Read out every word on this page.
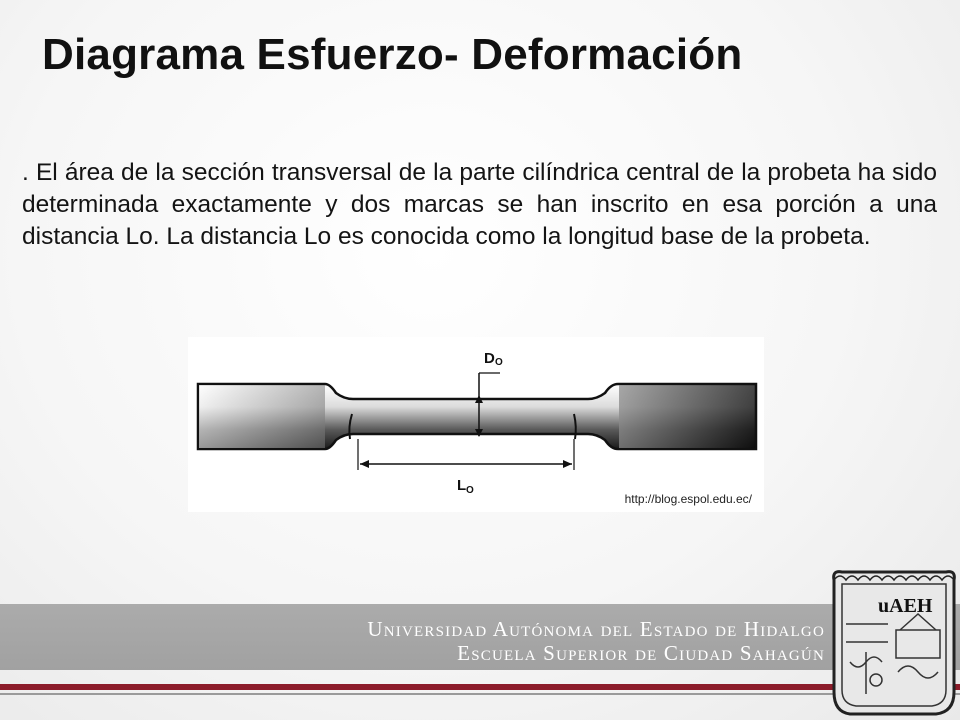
Diagrama Esfuerzo- Deformación
. El área de la sección transversal de la parte cilíndrica central de la probeta ha sido determinada exactamente y dos marcas se han inscrito en esa porción a una distancia Lo. La distancia Lo es conocida como la longitud base de la probeta.
D O
L O
http://blog.espol.edu.ec/
Universidad Autónoma del Estado de Hidalgo
Escuela Superior de Ciudad Sahagún
uAEH
